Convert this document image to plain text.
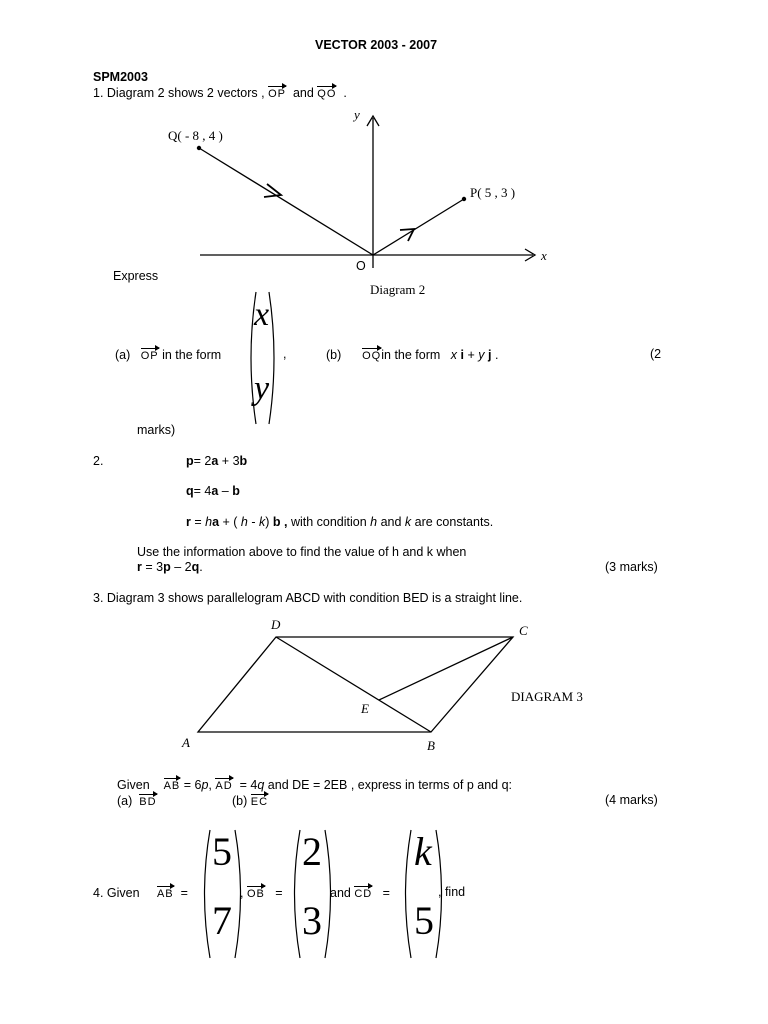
VECTOR 2003 - 2007
SPM2003
1. Diagram 2 shows 2 vectors , OP and QO .
y
x
O
Q( - 8 , 4 )
P( 5 , 3 )
Express
Diagram 2
(a) OP in the form
x
y
,	(b) OQin the form x i + y j .	(2
marks)
2.	p= 2a + 3b
q= 4a – b
r = ha + ( h - k) b , with condition h and k are constants.
Use the information above to find the value of h and k when
r = 3p – 2q.	(3 marks)
3. Diagram 3 shows parallelogram ABCD with condition BED is a straight line.
D	C
A	B
E
DIAGRAM 3
Given AB = 6p, AD = 4q and DE = 2EB , express in terms of p and q:
(a) BD	(b) EC	(4 marks)
4. Given AB =
5
7
, OB =
2
3
and CD =
k
5
, find
